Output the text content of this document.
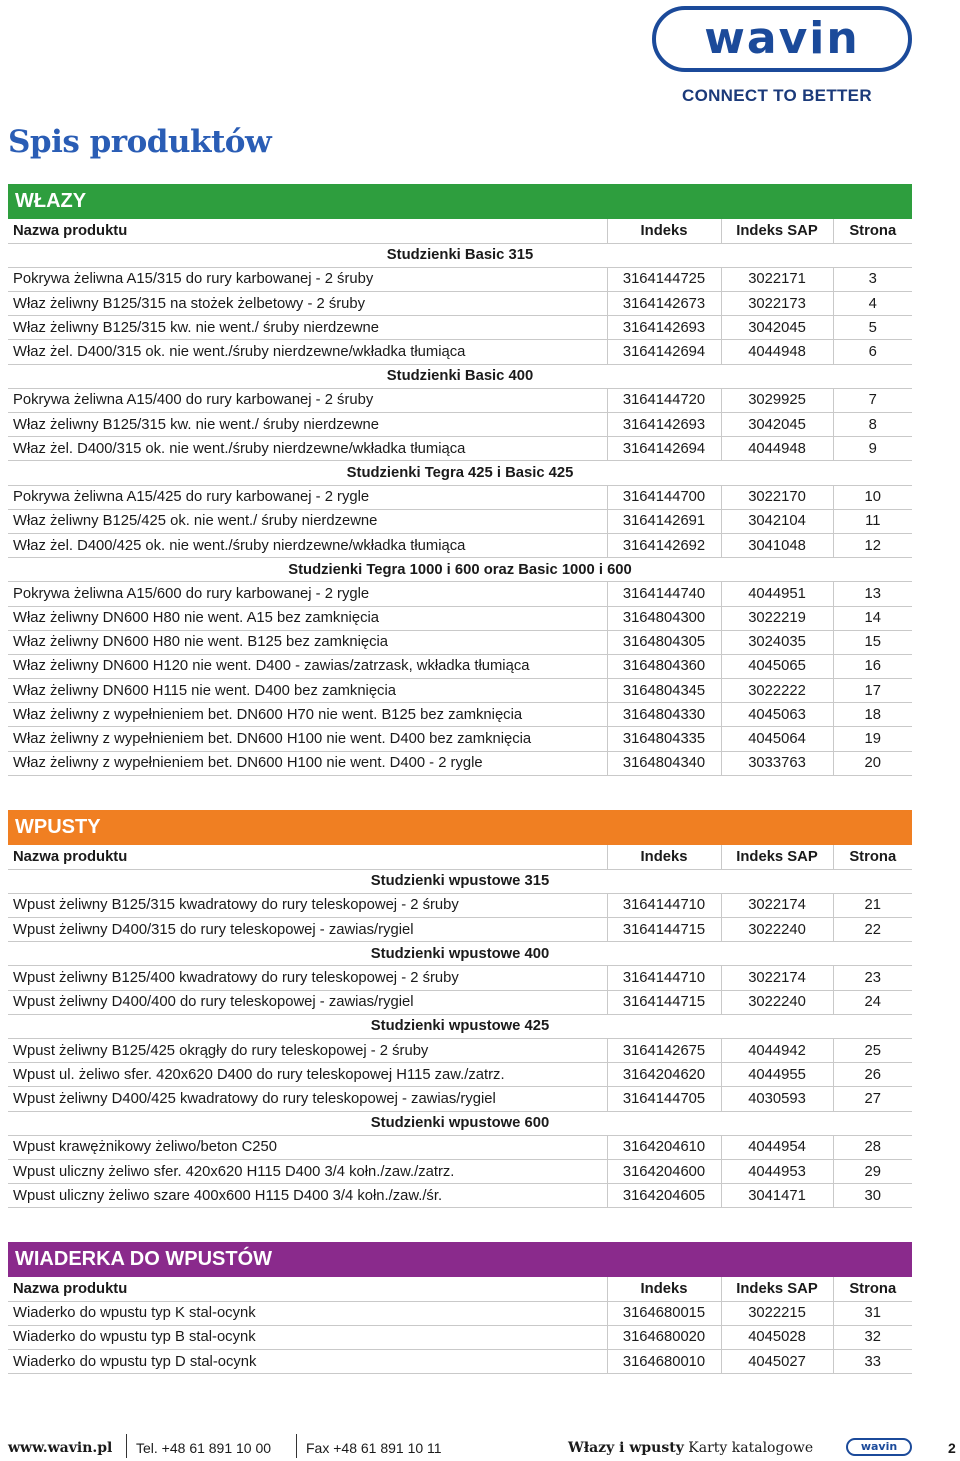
wavin
CONNECT TO BETTER
Spis produktów
WŁAZY
Nazwa produktu	Indeks	Indeks SAP	Strona
Studzienki Basic 315			
Pokrywa żeliwna A15/315 do rury karbowanej - 2 śruby	3164144725	3022171	3
Właz żeliwny B125/315 na stożek żelbetowy - 2 śruby	3164142673	3022173	4
Właz żeliwny B125/315 kw. nie went./ śruby nierdzewne	3164142693	3042045	5
Właz żel. D400/315 ok. nie went./śruby nierdzewne/wkładka tłumiąca	3164142694	4044948	6
Studzienki Basic 400			
Pokrywa żeliwna A15/400 do rury karbowanej - 2 śruby	3164144720	3029925	7
Właz żeliwny B125/315 kw. nie went./ śruby nierdzewne	3164142693	3042045	8
Właz żel. D400/315 ok. nie went./śruby nierdzewne/wkładka tłumiąca	3164142694	4044948	9
Studzienki Tegra 425 i Basic 425			
Pokrywa żeliwna A15/425 do rury karbowanej - 2 rygle	3164144700	3022170	10
Właz żeliwny B125/425 ok. nie went./ śruby nierdzewne	3164142691	3042104	11
Właz żel. D400/425 ok. nie went./śruby nierdzewne/wkładka tłumiąca	3164142692	3041048	12
Studzienki Tegra 1000 i 600 oraz Basic 1000 i 600			
Pokrywa żeliwna A15/600 do rury karbowanej - 2 rygle	3164144740	4044951	13
Właz żeliwny DN600 H80 nie went. A15 bez zamknięcia	3164804300	3022219	14
Właz żeliwny DN600 H80 nie went. B125 bez zamknięcia	3164804305	3024035	15
Właz żeliwny DN600 H120 nie went. D400 - zawias/zatrzask, wkładka tłumiąca	3164804360	4045065	16
Właz żeliwny DN600 H115 nie went. D400 bez zamknięcia	3164804345	3022222	17
Właz żeliwny z wypełnieniem bet. DN600 H70 nie went. B125 bez zamknięcia	3164804330	4045063	18
Właz żeliwny z wypełnieniem bet. DN600 H100 nie went. D400 bez zamknięcia	3164804335	4045064	19
Właz żeliwny z wypełnieniem bet. DN600 H100 nie went. D400 - 2 rygle	3164804340	3033763	20
WPUSTY
Nazwa produktu	Indeks	Indeks SAP	Strona
Studzienki wpustowe 315			
Wpust żeliwny B125/315 kwadratowy do rury teleskopowej - 2 śruby	3164144710	3022174	21
Wpust żeliwny D400/315 do rury teleskopowej - zawias/rygiel	3164144715	3022240	22
Studzienki wpustowe 400			
Wpust żeliwny B125/400 kwadratowy do rury teleskopowej - 2 śruby	3164144710	3022174	23
Wpust żeliwny D400/400 do rury teleskopowej - zawias/rygiel	3164144715	3022240	24
Studzienki wpustowe 425			
Wpust żeliwny B125/425 okrągły do rury teleskopowej - 2 śruby	3164142675	4044942	25
Wpust ul. żeliwo sfer. 420x620 D400 do rury teleskopowej H115 zaw./zatrz.	3164204620	4044955	26
Wpust żeliwny D400/425 kwadratowy do rury teleskopowej - zawias/rygiel	3164144705	4030593	27
Studzienki wpustowe 600			
Wpust krawężnikowy żeliwo/beton C250	3164204610	4044954	28
Wpust uliczny żeliwo sfer. 420x620 H115 D400 3/4 kołn./zaw./zatrz.	3164204600	4044953	29
Wpust uliczny żeliwo szare 400x600 H115 D400 3/4 kołn./zaw./śr.	3164204605	3041471	30
WIADERKA DO WPUSTÓW
Nazwa produktu	Indeks	Indeks SAP	Strona
Wiaderko do wpustu typ K stal-ocynk	3164680015	3022215	31
Wiaderko do wpustu typ B stal-ocynk	3164680020	4045028	32
Wiaderko do wpustu typ D stal-ocynk	3164680010	4045027	33
www.wavin.pl Tel. +48 61 891 10 00 Fax +48 61 891 10 11	Włazy i wpusty Karty katalogowe	wavin	2
